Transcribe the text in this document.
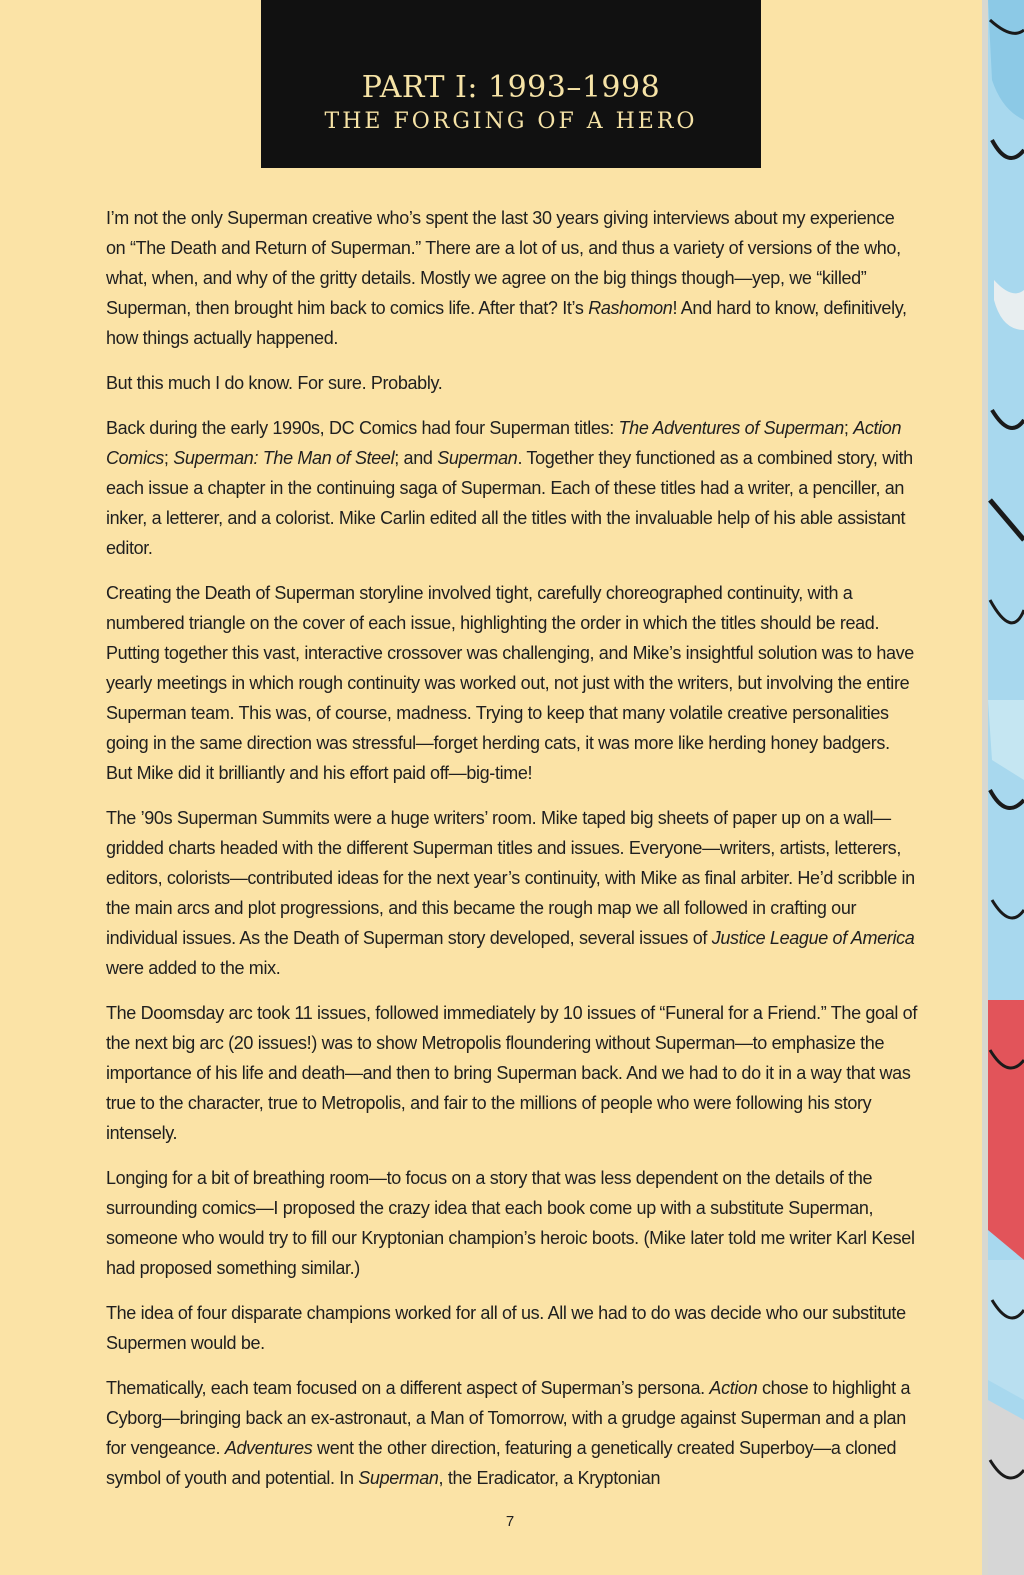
PART I: 1993–1998
THE FORGING OF A HERO

I’m not the only Superman creative who’s spent the last 30 years giving interviews about my experience on “The Death and Return of Superman.” There are a lot of us, and thus a variety of versions of the who, what, when, and why of the gritty details. Mostly we agree on the big things though—yep, we “killed” Superman, then brought him back to comics life. After that? It’s Rashomon! And hard to know, definitively, how things actually happened.

But this much I do know. For sure. Probably.

Back during the early 1990s, DC Comics had four Superman titles: The Adventures of Superman; Action Comics; Superman: The Man of Steel; and Superman. Together they functioned as a combined story, with each issue a chapter in the continuing saga of Superman. Each of these titles had a writer, a penciller, an inker, a letterer, and a colorist. Mike Carlin edited all the titles with the invaluable help of his able assistant editor.

Creating the Death of Superman storyline involved tight, carefully choreographed continuity, with a numbered triangle on the cover of each issue, highlighting the order in which the titles should be read. Putting together this vast, interactive crossover was challenging, and Mike’s insightful solution was to have yearly meetings in which rough continuity was worked out, not just with the writers, but involving the entire Superman team. This was, of course, madness. Trying to keep that many volatile creative personalities going in the same direction was stressful—forget herding cats, it was more like herding honey badgers. But Mike did it brilliantly and his effort paid off—big-time!

The ’90s Superman Summits were a huge writers’ room. Mike taped big sheets of paper up on a wall—gridded charts headed with the different Superman titles and issues. Everyone—writers, artists, letterers, editors, colorists—contributed ideas for the next year’s continuity, with Mike as final arbiter. He’d scribble in the main arcs and plot progressions, and this became the rough map we all followed in crafting our individual issues. As the Death of Superman story developed, several issues of Justice League of America were added to the mix.

The Doomsday arc took 11 issues, followed immediately by 10 issues of “Funeral for a Friend.” The goal of the next big arc (20 issues!) was to show Metropolis floundering without Superman—to emphasize the importance of his life and death—and then to bring Superman back. And we had to do it in a way that was true to the character, true to Metropolis, and fair to the millions of people who were following his story intensely.

Longing for a bit of breathing room—to focus on a story that was less dependent on the details of the surrounding comics—I proposed the crazy idea that each book come up with a substitute Superman, someone who would try to fill our Kryptonian champion’s heroic boots. (Mike later told me writer Karl Kesel had proposed something similar.)

The idea of four disparate champions worked for all of us. All we had to do was decide who our substitute Supermen would be.

Thematically, each team focused on a different aspect of Superman’s persona. Action chose to highlight a Cyborg—bringing back an ex-astronaut, a Man of Tomorrow, with a grudge against Superman and a plan for vengeance. Adventures went the other direction, featuring a genetically created Superboy—a cloned symbol of youth and potential. In Superman, the Eradicator, a Kryptonian

7
